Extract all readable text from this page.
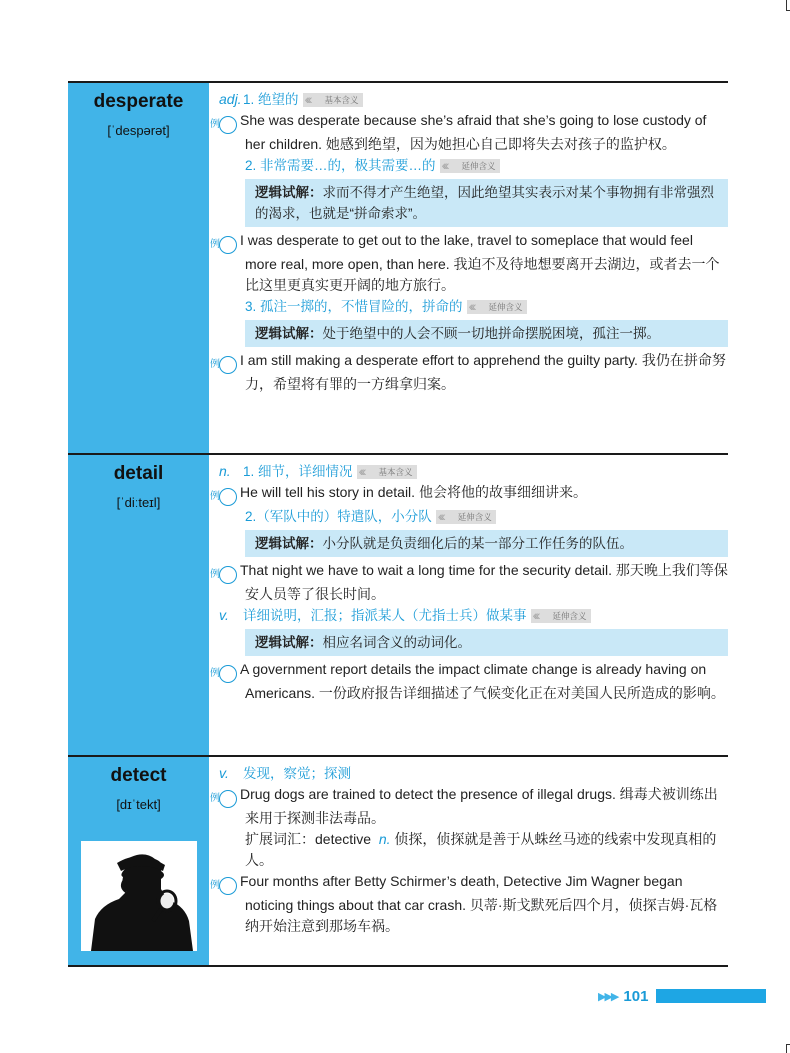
desperate
[ˈdespərət]
adj.1. 绝望的	‹‹‹ 基本含义
例 She was desperate because she’s afraid that she’s going to lose custody of her children. 她感到绝望，因为她担心自己即将失去对孩子的监护权。
2. 非常需要…的，极其需要…的	‹‹‹ 延伸含义
逻辑试解：求而不得才产生绝望，因此绝望其实表示对某个事物拥有非常强烈的渴求，也就是“拼命索求”。
例 I was desperate to get out to the lake, travel to someplace that would feel more real, more open, than here. 我迫不及待地想要离开去湖边，或者去一个比这里更真实更开阔的地方旅行。
3. 孤注一掷的，不惜冒险的，拼命的	‹‹‹ 延伸含义
逻辑试解：处于绝望中的人会不顾一切地拼命摆脱困境，孤注一掷。
例 I am still making a desperate effort to apprehend the guilty party. 我仍在拼命努力，希望将有罪的一方缉拿归案。
detail
[ˈdiːteɪl]
n. 1. 细节，详细情况	‹‹‹ 基本含义
例 He will tell his story in detail. 他会将他的故事细细讲来。
2.（军队中的）特遣队，小分队	‹‹‹ 延伸含义
逻辑试解：小分队就是负责细化后的某一部分工作任务的队伍。
例 That night we have to wait a long time for the security detail. 那天晚上我们等保安人员等了很长时间。
v. 详细说明，汇报；指派某人（尤指士兵）做某事	‹‹‹ 延伸含义
逻辑试解：相应名词含义的动词化。
例 A government report details the impact climate change is already having on Americans. 一份政府报告详细描述了气候变化正在对美国人民所造成的影响。
detect
[dɪˈtekt]
v. 发现，察觉；探测
例 Drug dogs are trained to detect the presence of illegal drugs. 缉毒犬被训练出来用于探测非法毒品。
扩展词汇：detective n. 侦探，侦探就是善于从蛛丝马迹的线索中发现真相的人。
例 Four months after Betty Schirmer’s death, Detective Jim Wagner began noticing things about that car crash. 贝蒂·斯戈默死后四个月，侦探吉姆·瓦格纳开始注意到那场车祸。
▶▶▶ 101
